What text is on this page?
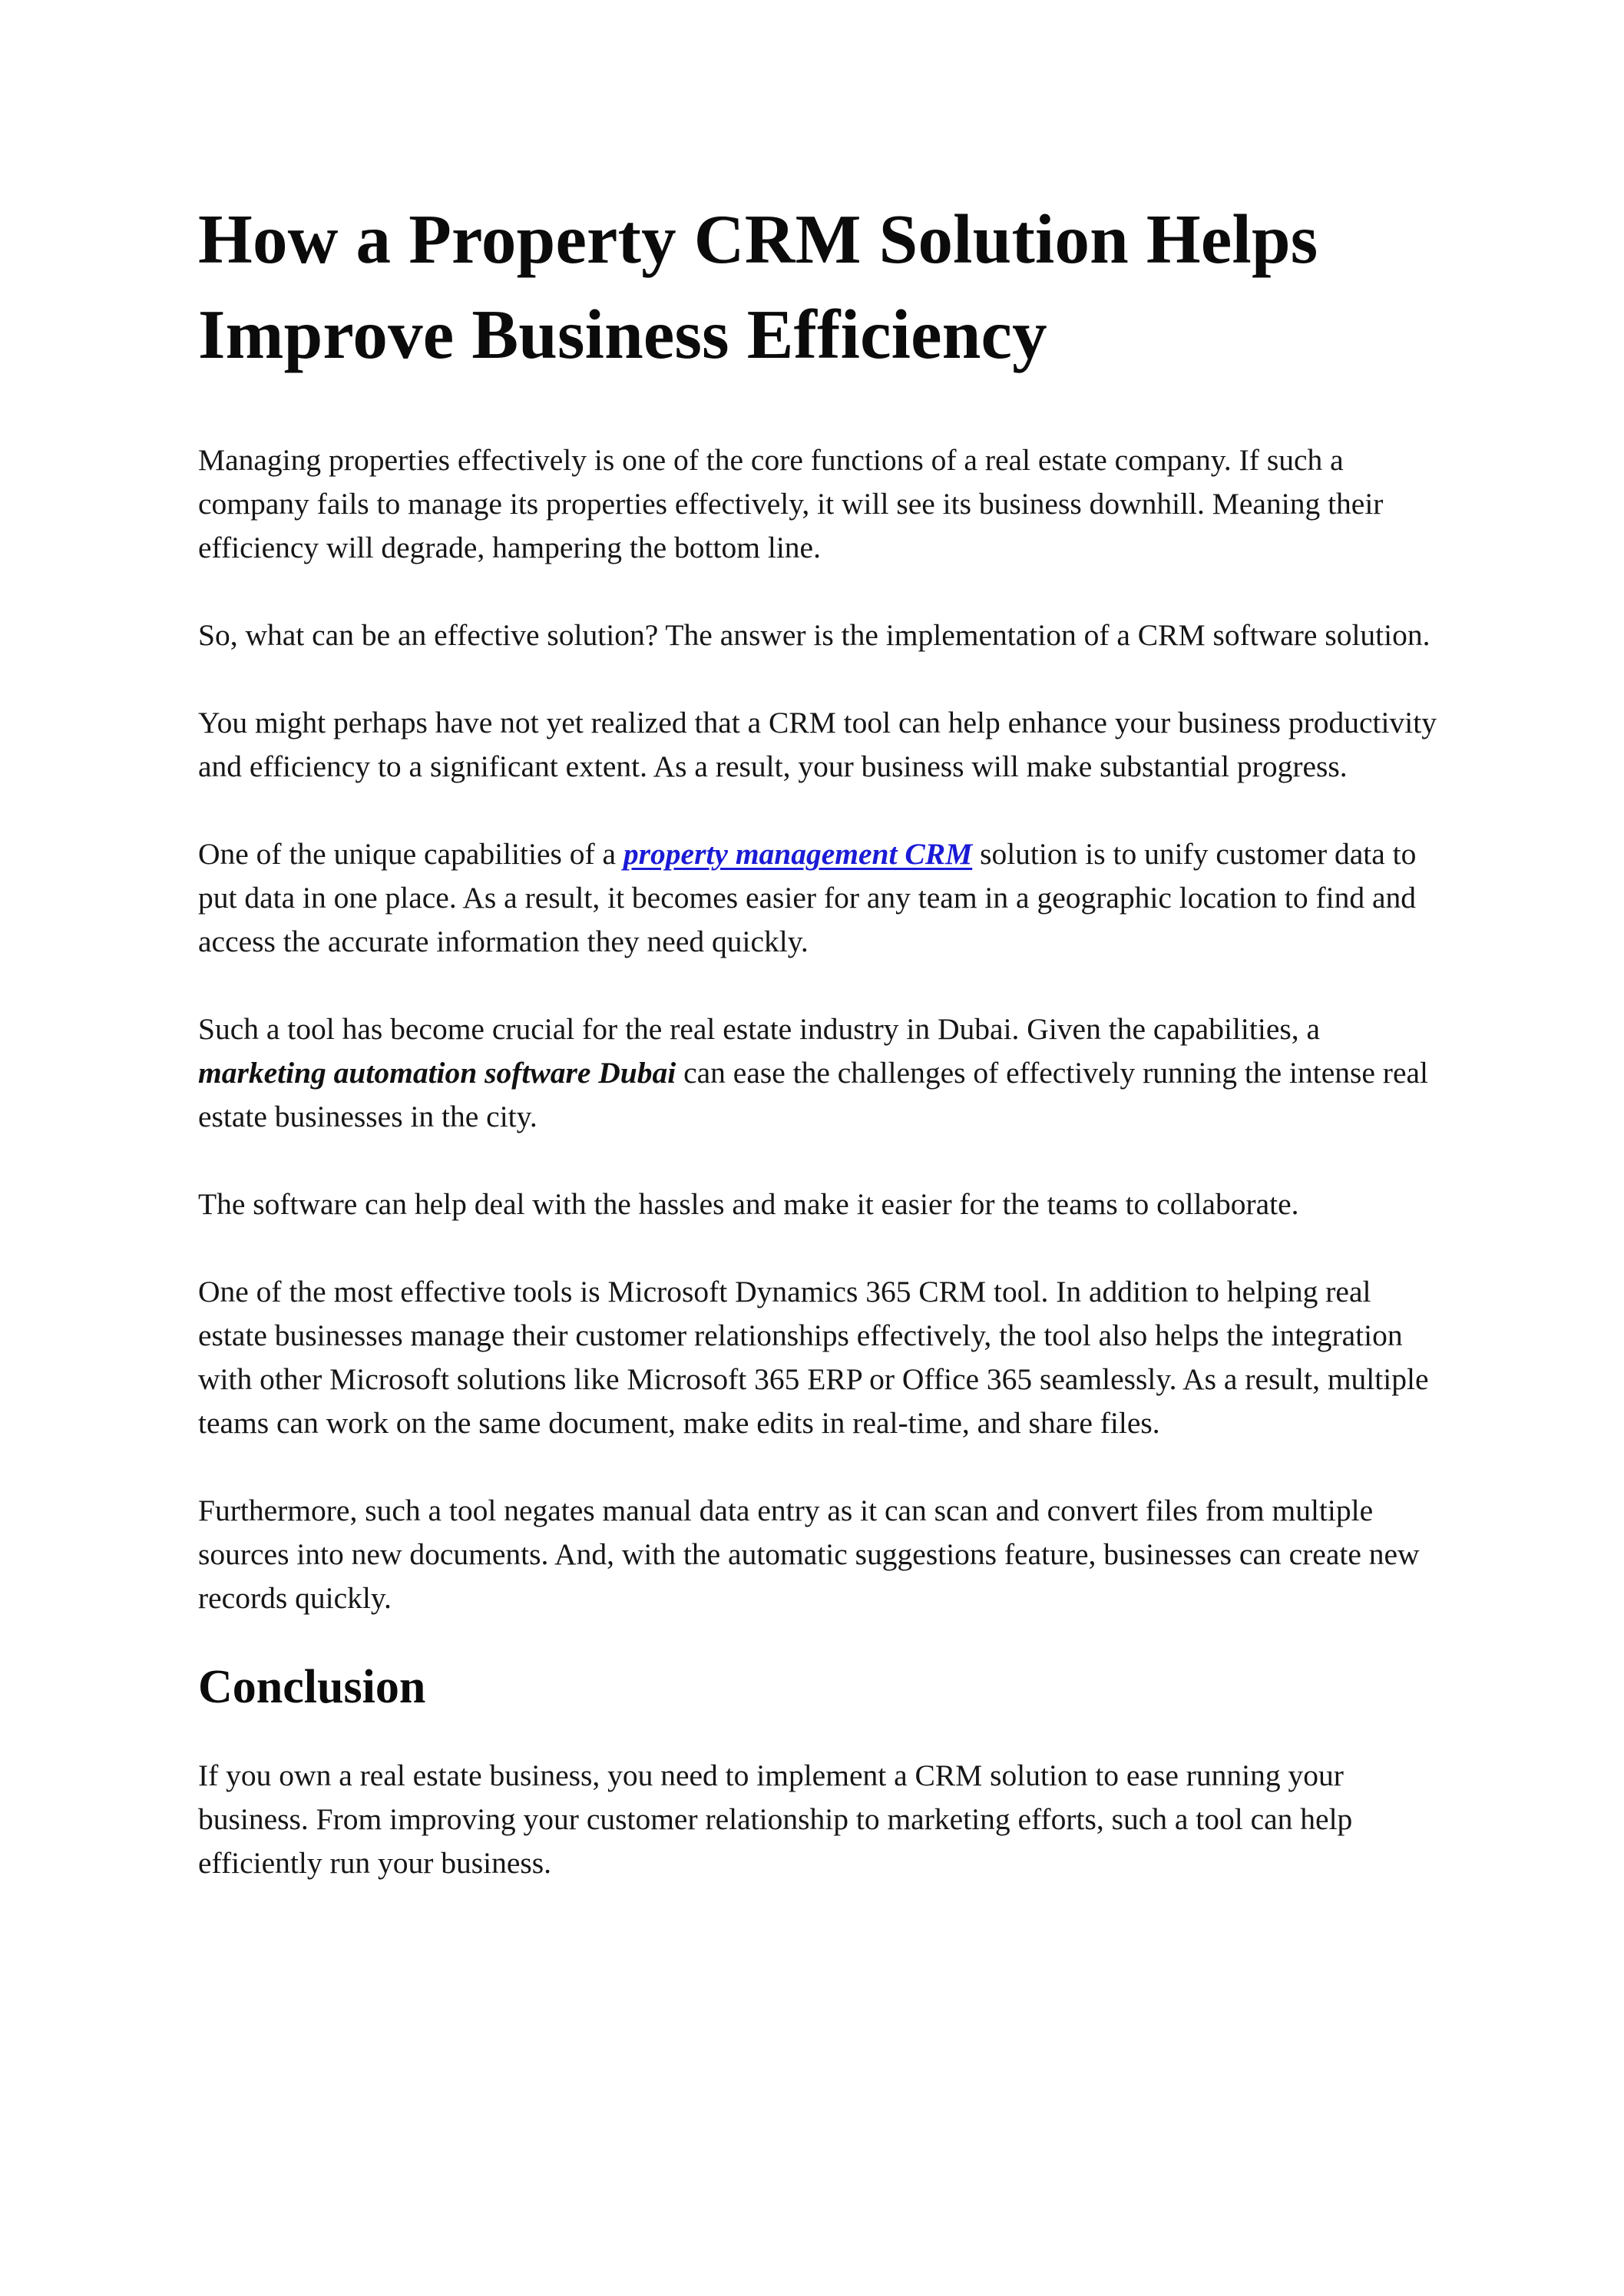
How a Property CRM Solution Helps Improve Business Efficiency

Managing properties effectively is one of the core functions of a real estate company. If such a company fails to manage its properties effectively, it will see its business downhill. Meaning their efficiency will degrade, hampering the bottom line.

So, what can be an effective solution? The answer is the implementation of a CRM software solution.

You might perhaps have not yet realized that a CRM tool can help enhance your business productivity and efficiency to a significant extent. As a result, your business will make substantial progress.

One of the unique capabilities of a property management CRM solution is to unify customer data to put data in one place. As a result, it becomes easier for any team in a geographic location to find and access the accurate information they need quickly.

Such a tool has become crucial for the real estate industry in Dubai. Given the capabilities, a marketing automation software Dubai can ease the challenges of effectively running the intense real estate businesses in the city.

The software can help deal with the hassles and make it easier for the teams to collaborate.

One of the most effective tools is Microsoft Dynamics 365 CRM tool. In addition to helping real estate businesses manage their customer relationships effectively, the tool also helps the integration with other Microsoft solutions like Microsoft 365 ERP or Office 365 seamlessly. As a result, multiple teams can work on the same document, make edits in real-time, and share files.

Furthermore, such a tool negates manual data entry as it can scan and convert files from multiple sources into new documents. And, with the automatic suggestions feature, businesses can create new records quickly.

Conclusion

If you own a real estate business, you need to implement a CRM solution to ease running your business. From improving your customer relationship to marketing efforts, such a tool can help efficiently run your business.
